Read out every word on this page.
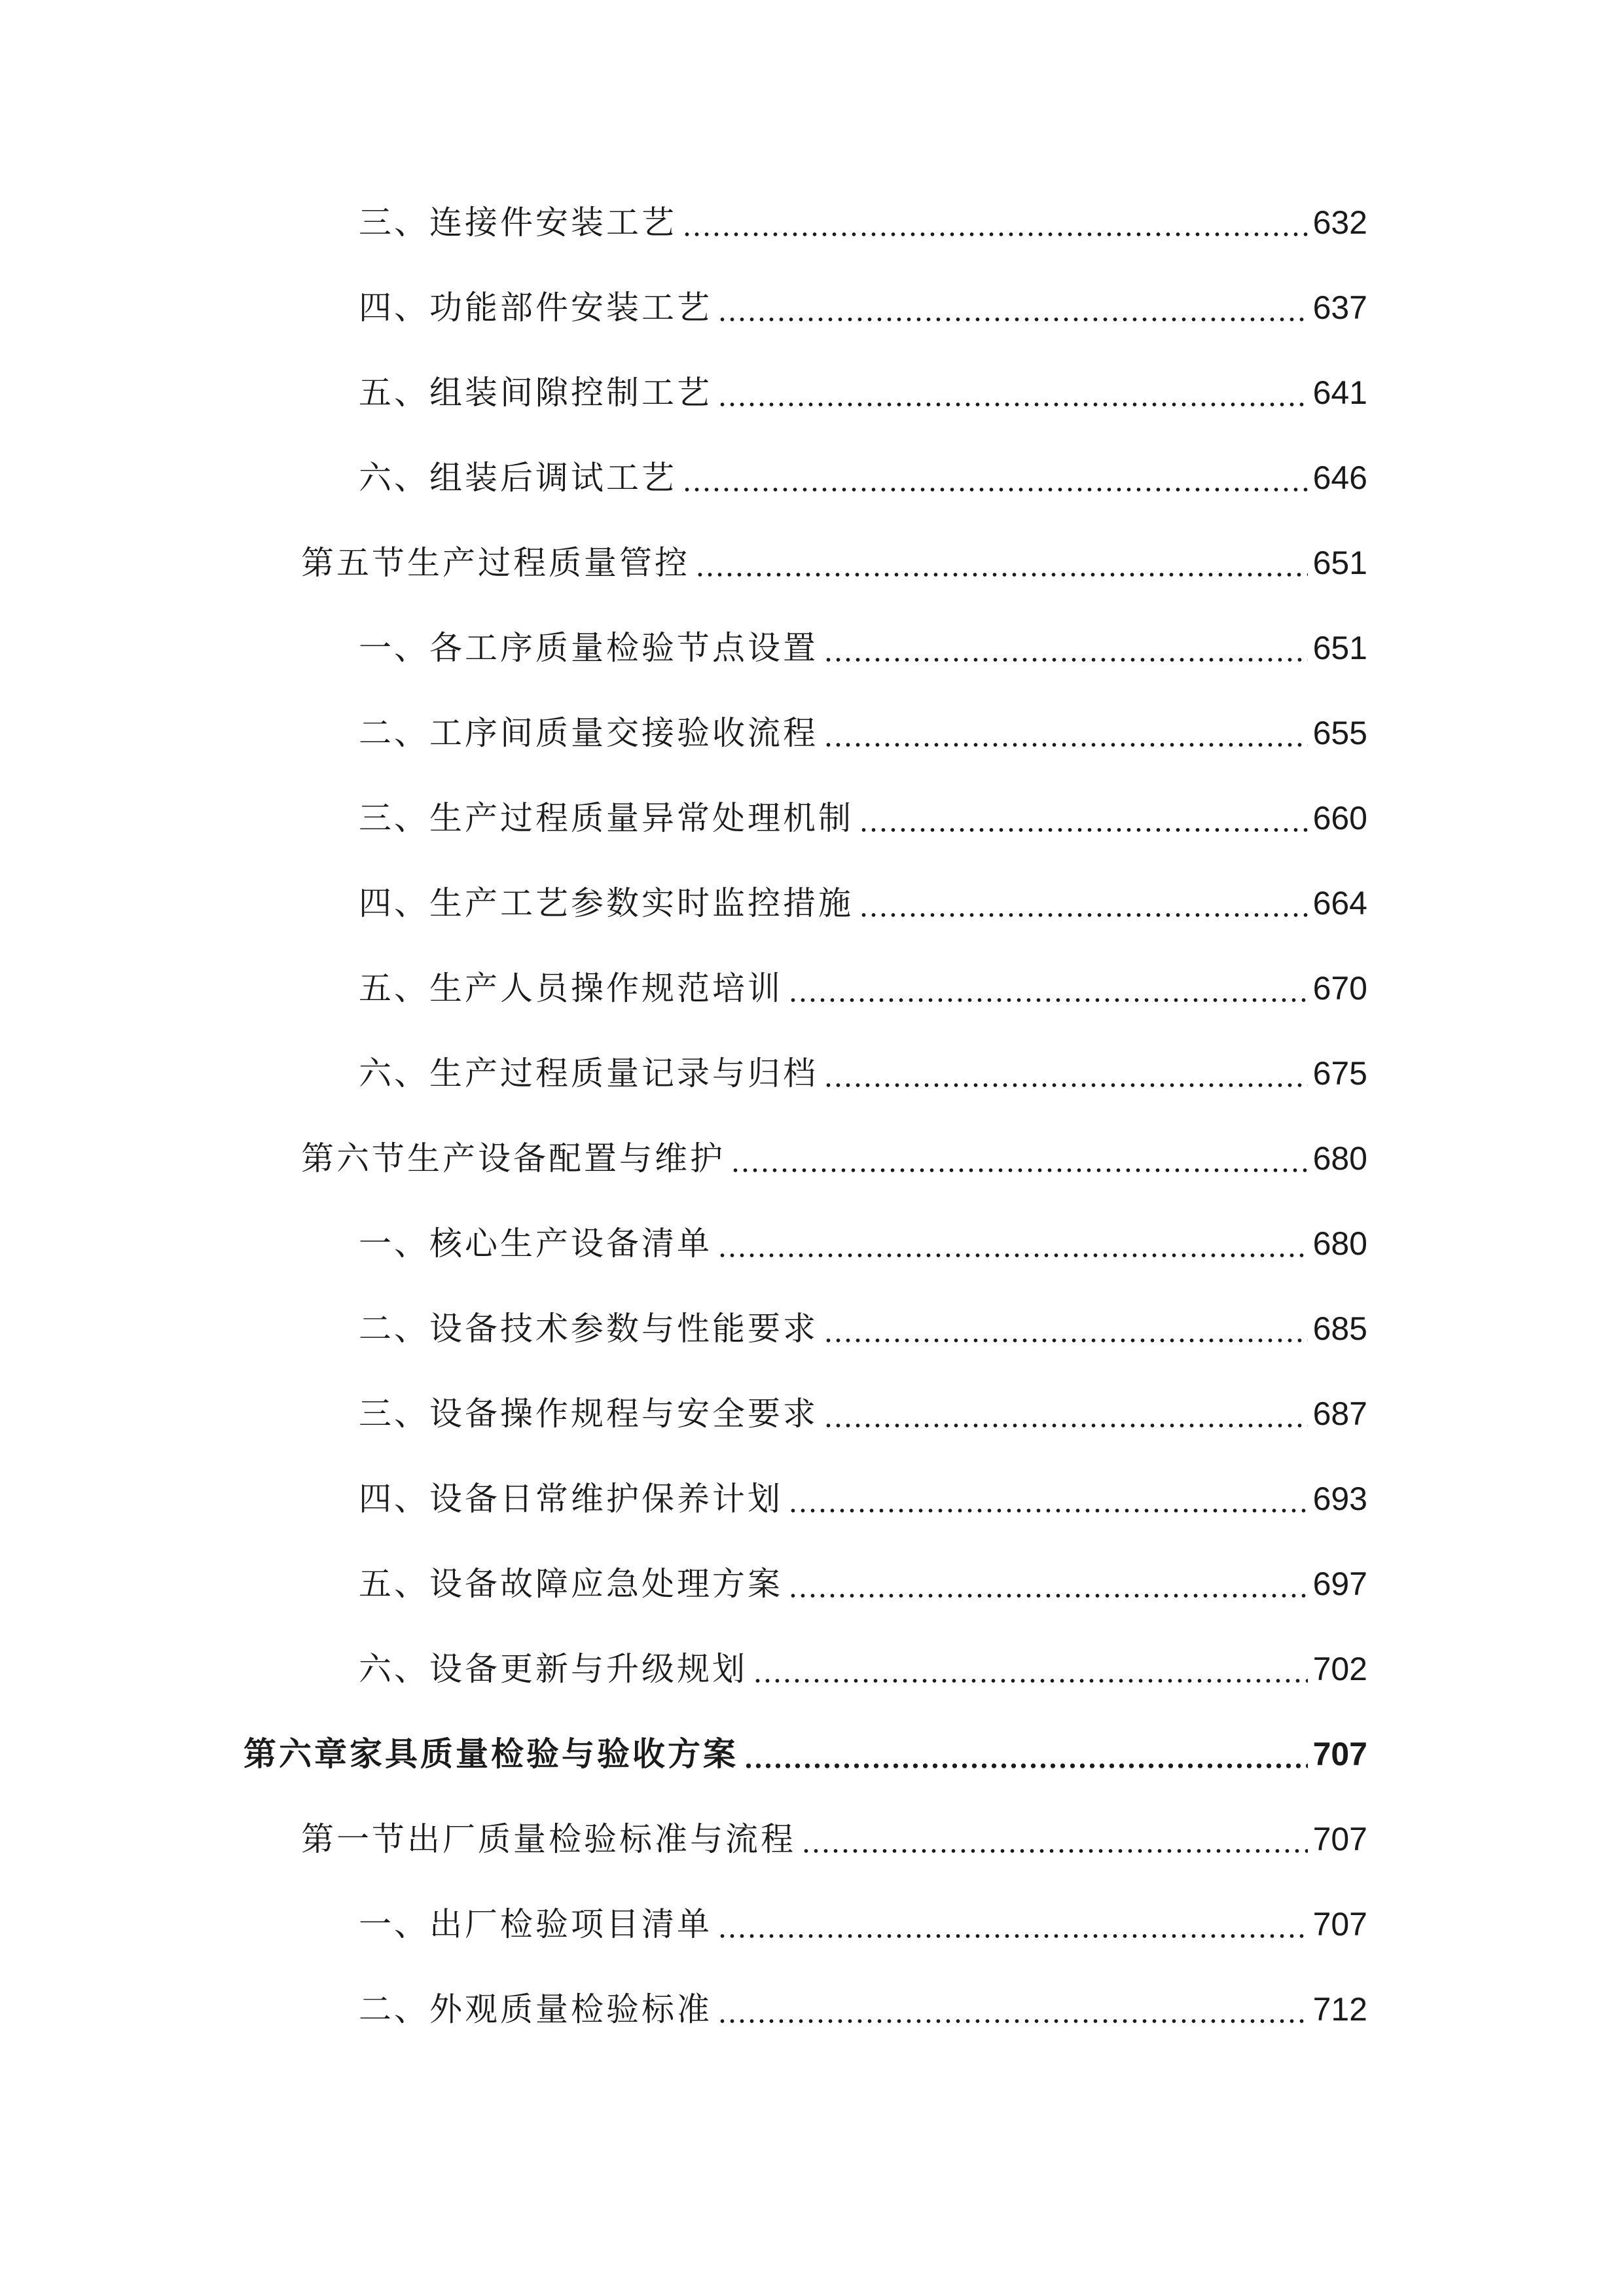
三、连接件安装工艺	632
四、功能部件安装工艺	637
五、组装间隙控制工艺	641
六、组装后调试工艺	646
第五节生产过程质量管控	651
一、各工序质量检验节点设置	651
二、工序间质量交接验收流程	655
三、生产过程质量异常处理机制	660
四、生产工艺参数实时监控措施	664
五、生产人员操作规范培训	670
六、生产过程质量记录与归档	675
第六节生产设备配置与维护	680
一、核心生产设备清单	680
二、设备技术参数与性能要求	685
三、设备操作规程与安全要求	687
四、设备日常维护保养计划	693
五、设备故障应急处理方案	697
六、设备更新与升级规划	702
第六章家具质量检验与验收方案	707
第一节出厂质量检验标准与流程	707
一、出厂检验项目清单	707
二、外观质量检验标准	712
